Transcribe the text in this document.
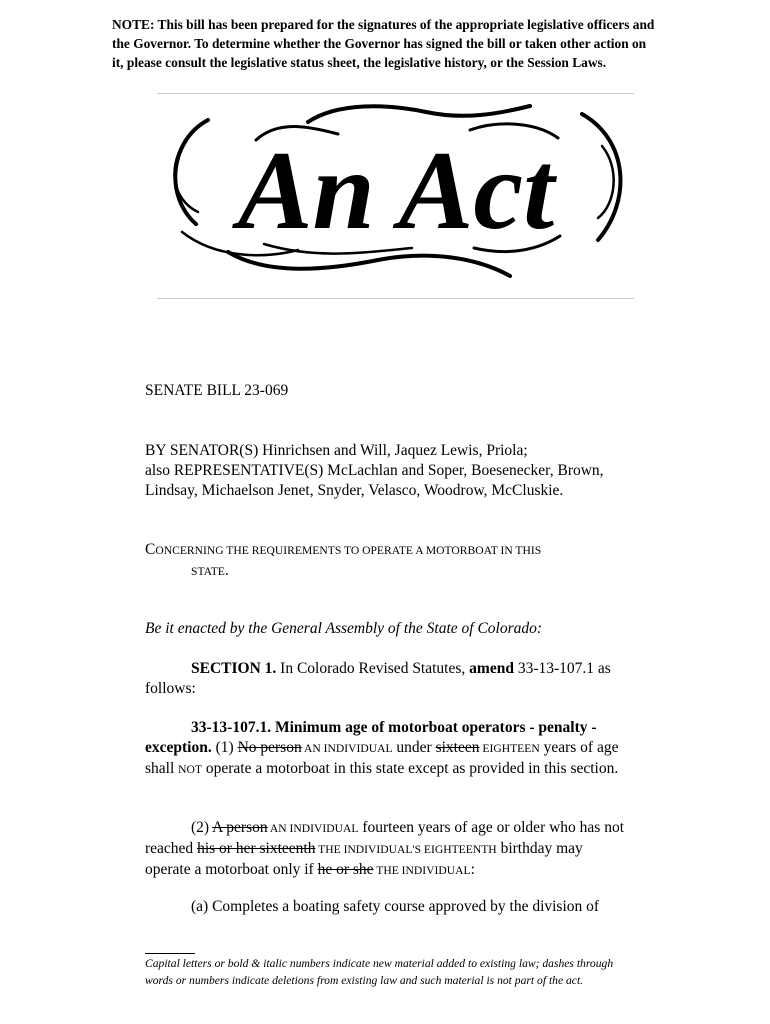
NOTE: This bill has been prepared for the signatures of the appropriate legislative officers and the Governor. To determine whether the Governor has signed the bill or taken other action on it, please consult the legislative status sheet, the legislative history, or the Session Laws.
An Act
SENATE BILL 23-069
BY SENATOR(S) Hinrichsen and Will, Jaquez Lewis, Priola;
also REPRESENTATIVE(S) McLachlan and Soper, Boesenecker, Brown, Lindsay, Michaelson Jenet, Snyder, Velasco, Woodrow, McCluskie.
CONCERNING THE REQUIREMENTS TO OPERATE A MOTORBOAT IN THIS
STATE.
Be it enacted by the General Assembly of the State of Colorado:
SECTION 1. In Colorado Revised Statutes, amend 33-13-107.1 as follows:
33-13-107.1. Minimum age of motorboat operators - penalty - exception. (1) No person AN INDIVIDUAL under sixteen EIGHTEEN years of age shall NOT operate a motorboat in this state except as provided in this section.
(2) A person AN INDIVIDUAL fourteen years of age or older who has not reached his or her sixteenth THE INDIVIDUAL'S EIGHTEENTH birthday may operate a motorboat only if he or she THE INDIVIDUAL:
(a) Completes a boating safety course approved by the division of
Capital letters or bold & italic numbers indicate new material added to existing law; dashes through words or numbers indicate deletions from existing law and such material is not part of the act.
